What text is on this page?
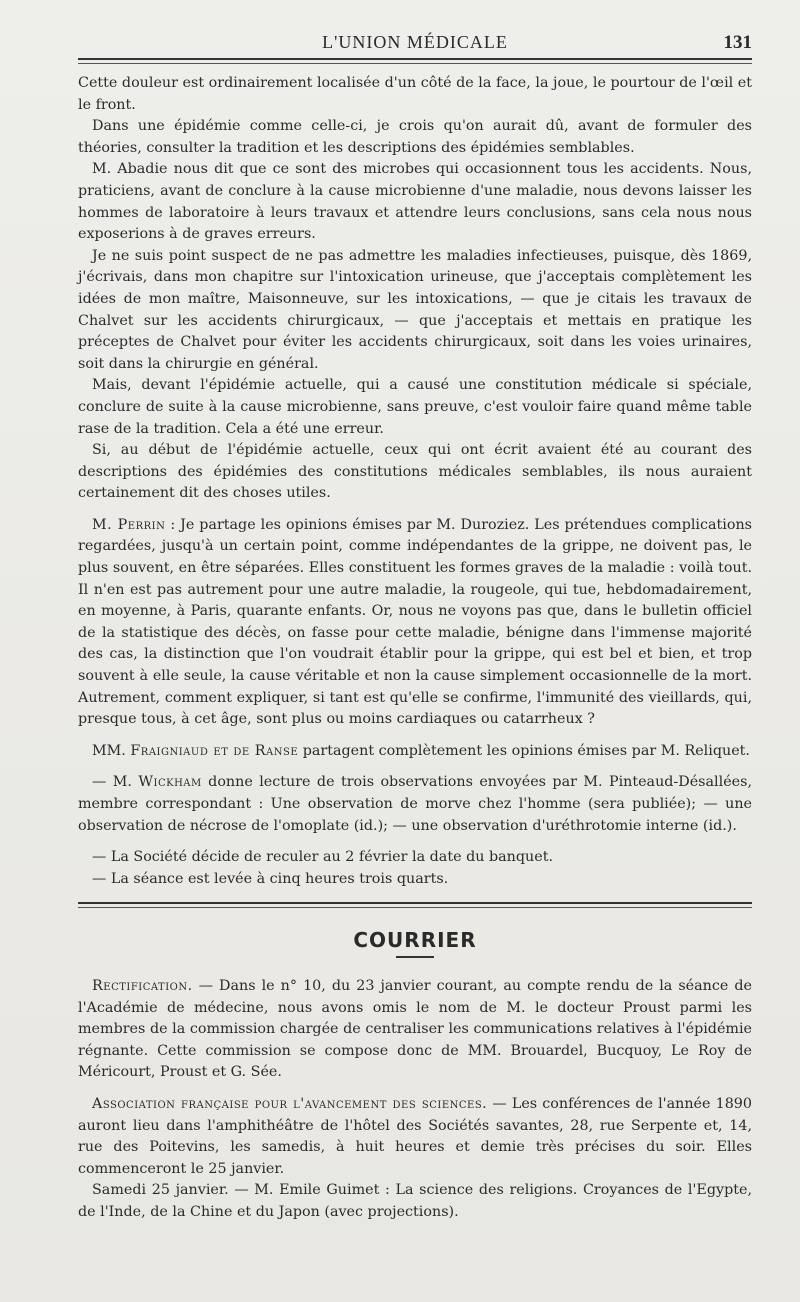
L'UNION MÉDICALE	131

Cette douleur est ordinairement localisée d'un côté de la face, la joue, le pourtour de l'œil et le front.

Dans une épidémie comme celle-ci, je crois qu'on aurait dû, avant de formuler des théories, consulter la tradition et les descriptions des épidémies semblables.

M. Abadie nous dit que ce sont des microbes qui occasionnent tous les accidents. Nous, praticiens, avant de conclure à la cause microbienne d'une maladie, nous devons laisser les hommes de laboratoire à leurs travaux et attendre leurs conclusions, sans cela nous nous exposerions à de graves erreurs.

Je ne suis point suspect de ne pas admettre les maladies infectieuses, puisque, dès 1869, j'écrivais, dans mon chapitre sur l'intoxication urineuse, que j'acceptais complètement les idées de mon maître, Maisonneuve, sur les intoxications, — que je citais les travaux de Chalvet sur les accidents chirurgicaux, — que j'acceptais et mettais en pratique les préceptes de Chalvet pour éviter les accidents chirurgicaux, soit dans les voies urinaires, soit dans la chirurgie en général.

Mais, devant l'épidémie actuelle, qui a causé une constitution médicale si spéciale, conclure de suite à la cause microbienne, sans preuve, c'est vouloir faire quand même table rase de la tradition. Cela a été une erreur.

Si, au début de l'épidémie actuelle, ceux qui ont écrit avaient été au courant des descriptions des épidémies des constitutions médicales semblables, ils nous auraient certainement dit des choses utiles.

M. Perrin : Je partage les opinions émises par M. Duroziez. Les prétendues complications regardées, jusqu'à un certain point, comme indépendantes de la grippe, ne doivent pas, le plus souvent, en être séparées. Elles constituent les formes graves de la maladie : voilà tout. Il n'en est pas autrement pour une autre maladie, la rougeole, qui tue, hebdomadairement, en moyenne, à Paris, quarante enfants. Or, nous ne voyons pas que, dans le bulletin officiel de la statistique des décès, on fasse pour cette maladie, bénigne dans l'immense majorité des cas, la distinction que l'on voudrait établir pour la grippe, qui est bel et bien, et trop souvent à elle seule, la cause véritable et non la cause simplement occasionnelle de la mort. Autrement, comment expliquer, si tant est qu'elle se confirme, l'immunité des vieillards, qui, presque tous, à cet âge, sont plus ou moins cardiaques ou catarrheux ?

MM. Fraigniaud et de Ranse partagent complètement les opinions émises par M. Reliquet.

— M. Wickham donne lecture de trois observations envoyées par M. Pinteaud-Désallées, membre correspondant : Une observation de morve chez l'homme (sera publiée); — une observation de nécrose de l'omoplate (id.); — une observation d'uréthrotomie interne (id.).

— La Société décide de reculer au 2 février la date du banquet.

— La séance est levée à cinq heures trois quarts.

COURRIER

Rectification. — Dans le n° 10, du 23 janvier courant, au compte rendu de la séance de l'Académie de médecine, nous avons omis le nom de M. le docteur Proust parmi les membres de la commission chargée de centraliser les communications relatives à l'épidémie régnante. Cette commission se compose donc de MM. Brouardel, Bucquoy, Le Roy de Méricourt, Proust et G. Sée.

Association française pour l'avancement des sciences. — Les conférences de l'année 1890 auront lieu dans l'amphithéâtre de l'hôtel des Sociétés savantes, 28, rue Serpente et, 14, rue des Poitevins, les samedis, à huit heures et demie très précises du soir. Elles commenceront le 25 janvier.

Samedi 25 janvier. — M. Emile Guimet : La science des religions. Croyances de l'Egypte, de l'Inde, de la Chine et du Japon (avec projections).
